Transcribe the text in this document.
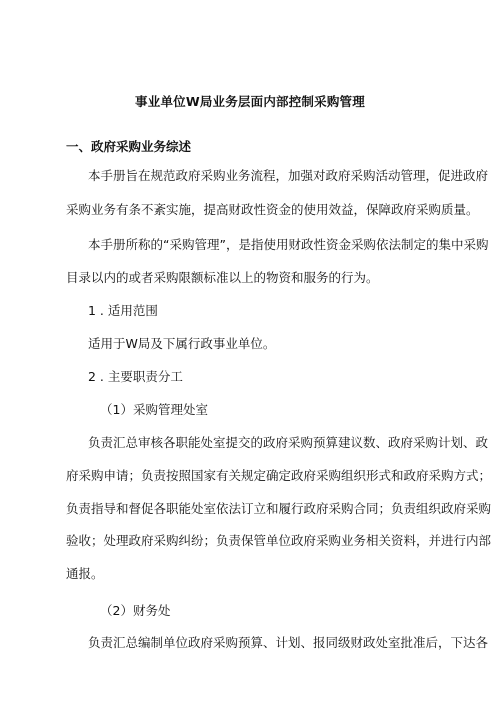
事业单位W局业务层面内部控制采购管理
一、政府采购业务综述
本手册旨在规范政府采购业务流程，加强对政府采购活动管理，促进政府
采购业务有条不紊实施，提高财政性资金的使用效益，保障政府采购质量。
本手册所称的“采购管理”，是指使用财政性资金采购依法制定的集中采购
目录以内的或者采购限额标准以上的物资和服务的行为。
1 . 适用范围
适用于W局及下属行政事业单位。
2 . 主要职责分工
（1）采购管理处室
负责汇总审核各职能处室提交的政府采购预算建议数、政府采购计划、政
府采购申请；负责按照国家有关规定确定政府采购组织形式和政府采购方式；
负责指导和督促各职能处室依法订立和履行政府采购合同；负责组织政府采购
验收；处理政府采购纠纷；负责保管单位政府采购业务相关资料，并进行内部
通报。
（2）财务处
负责汇总编制单位政府采购预算、计划、报同级财政处室批准后，下达各
